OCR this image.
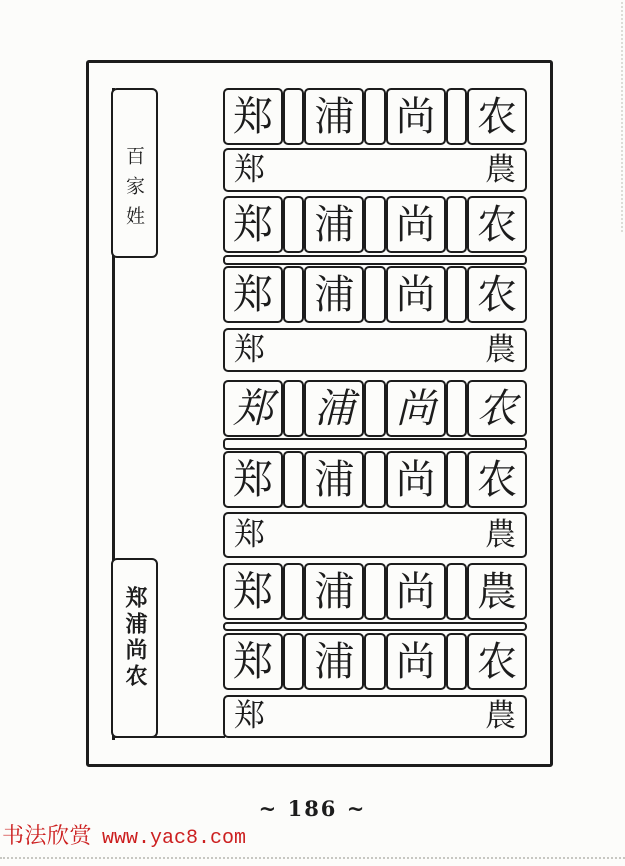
百家姓
郑浦尚农
郑 浦 尚 农
郑	農
郑 浦 尚 农
郑 浦 尚 农
郑	農
郑 浦 尚 农
郑 浦 尚 农
郑	農
郑 浦 尚 農
郑 浦 尚 农
郑	農
~ 186 ~
书法欣赏 www.yac8.com
